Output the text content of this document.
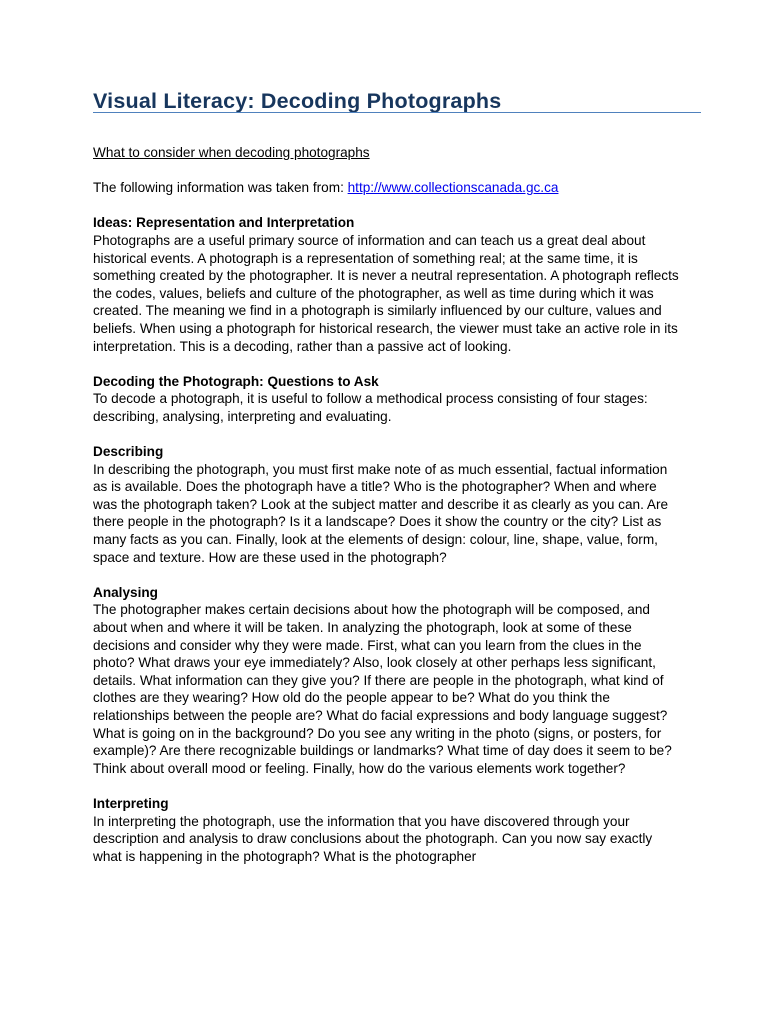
Visual Literacy: Decoding Photographs

What to consider when decoding photographs

The following information was taken from: http://www.collectionscanada.gc.ca

Ideas: Representation and Interpretation

Photographs are a useful primary source of information and can teach us a great deal about historical events. A photograph is a representation of something real; at the same time, it is something created by the photographer. It is never a neutral representation. A photograph reflects the codes, values, beliefs and culture of the photographer, as well as time during which it was created. The meaning we find in a photograph is similarly influenced by our culture, values and beliefs. When using a photograph for historical research, the viewer must take an active role in its interpretation. This is a decoding, rather than a passive act of looking.

Decoding the Photograph: Questions to Ask

To decode a photograph, it is useful to follow a methodical process consisting of four stages: describing, analysing, interpreting and evaluating.

Describing

In describing the photograph, you must first make note of as much essential, factual information as is available. Does the photograph have a title? Who is the photographer? When and where was the photograph taken? Look at the subject matter and describe it as clearly as you can. Are there people in the photograph? Is it a landscape? Does it show the country or the city? List as many facts as you can. Finally, look at the elements of design: colour, line, shape, value, form, space and texture. How are these used in the photograph?

Analysing

The photographer makes certain decisions about how the photograph will be composed, and about when and where it will be taken. In analyzing the photograph, look at some of these decisions and consider why they were made. First, what can you learn from the clues in the photo? What draws your eye immediately? Also, look closely at other perhaps less significant, details. What information can they give you? If there are people in the photograph, what kind of clothes are they wearing? How old do the people appear to be? What do you think the relationships between the people are? What do facial expressions and body language suggest?

What is going on in the background? Do you see any writing in the photo (signs, or posters, for example)? Are there recognizable buildings or landmarks? What time of day does it seem to be? Think about overall mood or feeling. Finally, how do the various elements work together?

Interpreting

In interpreting the photograph, use the information that you have discovered through your description and analysis to draw conclusions about the photograph. Can you now say exactly what is happening in the photograph? What is the photographer
